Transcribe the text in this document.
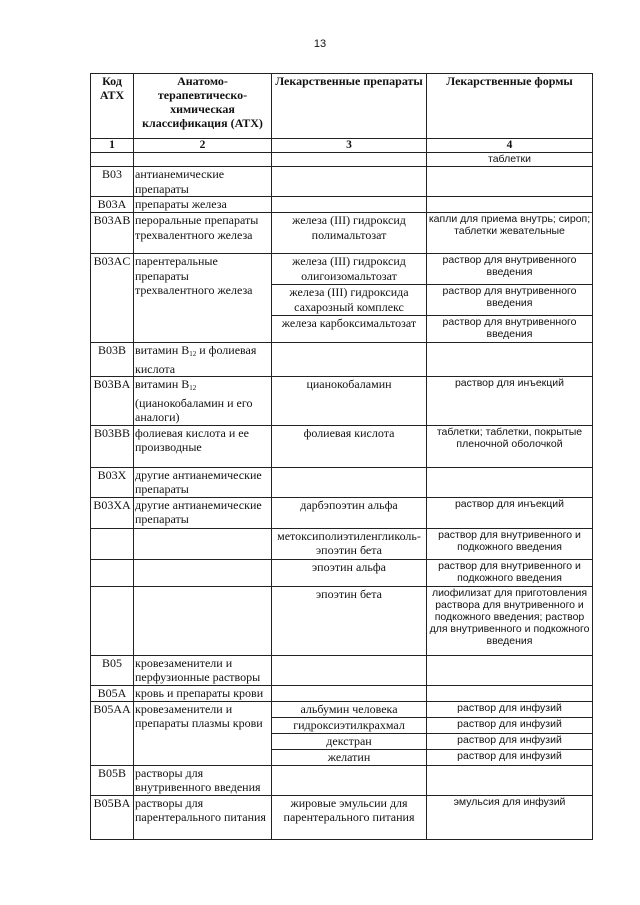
13
Код АТХ	Анатомо-терапевтическо-химическая классификация (АТХ)	Лекарственные препараты	Лекарственные формы
1	2	3	4
			таблетки
B03	антианемические препараты		
B03A	препараты железа		
B03AB	пероральные препараты трехвалентного железа	железа (III) гидроксид полимальтозат	капли для приема внутрь; сироп; таблетки жевательные
B03AC	парентеральные препараты трехвалентного железа	железа (III) гидроксид олигоизомальтозат	раствор для внутривенного введения
		железа (III) гидроксида сахарозный комплекс	раствор для внутривенного введения
		железа карбоксимальтозат	раствор для внутривенного введения
B03B	витамин $B_{12}$ и фолиевая кислота		
B03BA	витамин $B_{12}$ (цианокобаламин и его аналоги)	цианокобаламин	раствор для инъекций
B03BB	фолиевая кислота и ее производные	фолиевая кислота	таблетки; таблетки, покрытые пленочной оболочкой
B03X	другие антианемические препараты		
B03XA	другие антианемические препараты	дарбэпоэтин альфа	раствор для инъекций
		метоксиполиэтиленгликоль-эпоэтин бета	раствор для внутривенного и подкожного введения
		эпоэтин альфа	раствор для внутривенного и подкожного введения
		эпоэтин бета	лиофилизат для приготовления раствора для внутривенного и подкожного введения; раствор для внутривенного и подкожного введения
B05	кровезаменители и перфузионные растворы		
B05A	кровь и препараты крови		
B05AA	кровезаменители и препараты плазмы крови	альбумин человека	раствор для инфузий
		гидроксиэтилкрахмал	раствор для инфузий
		декстран	раствор для инфузий
		желатин	раствор для инфузий
B05B	растворы для внутривенного введения		
B05BA	растворы для парентерального питания	жировые эмульсии для парентерального питания	эмульсия для инфузий
